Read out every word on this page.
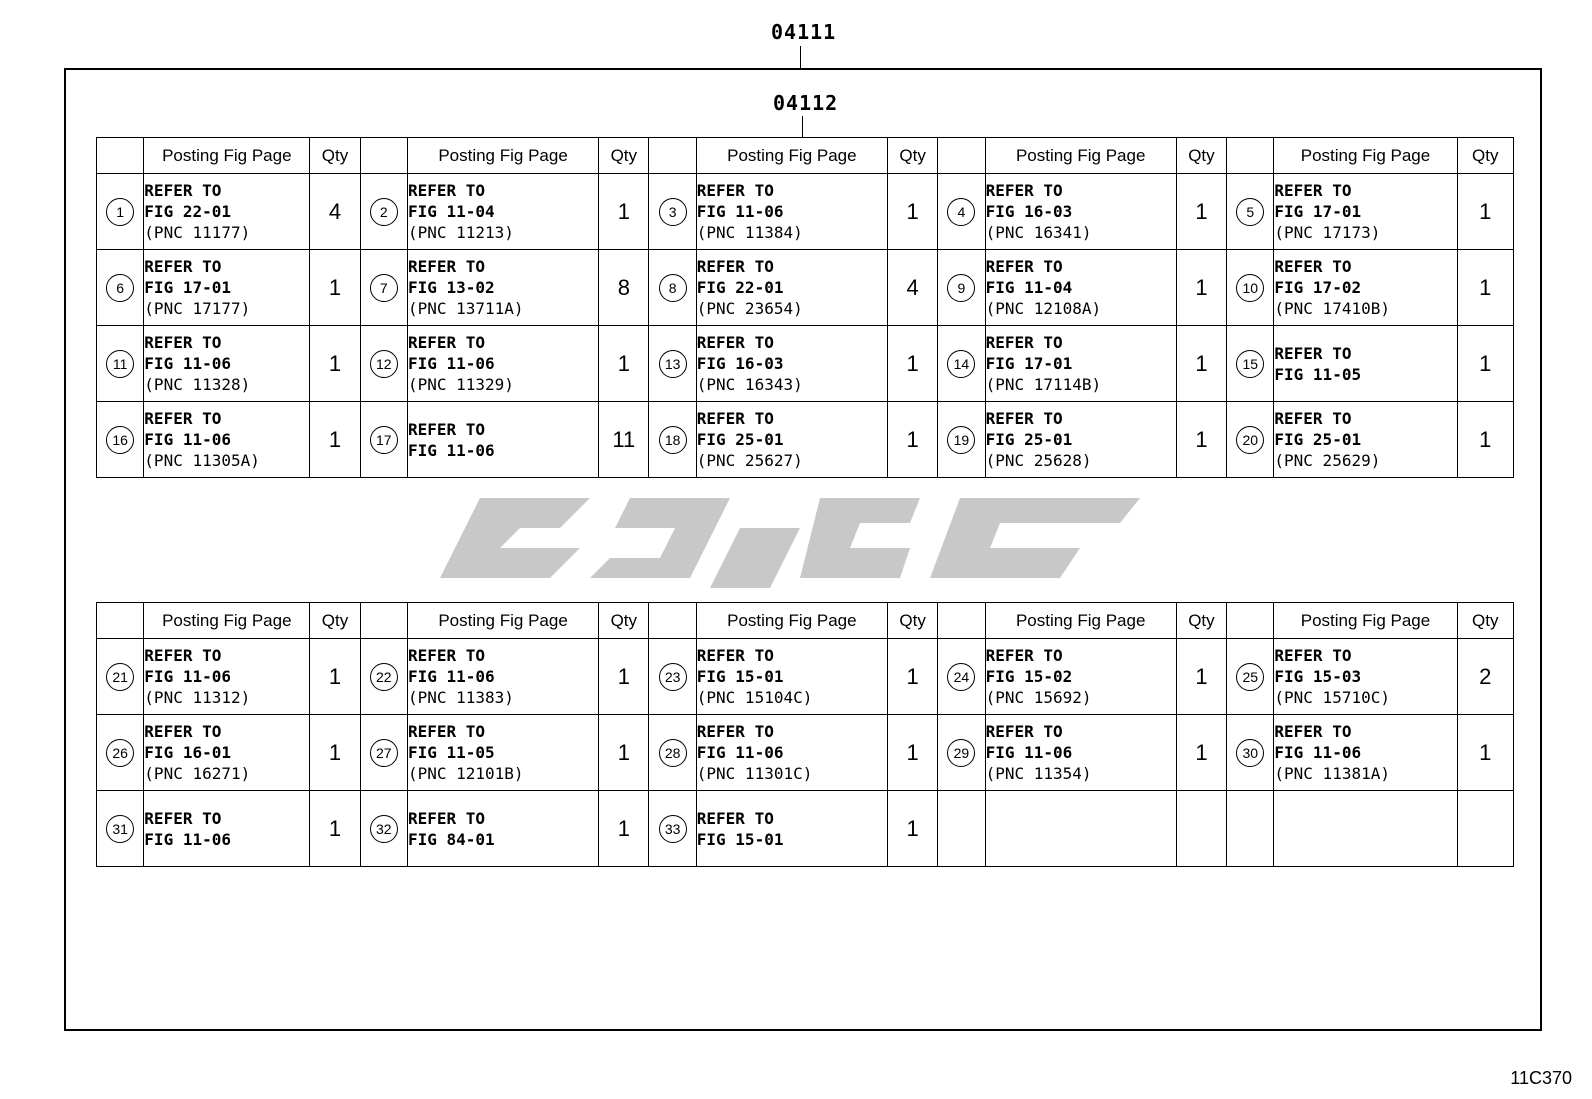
04111
04112
	Posting Fig Page	Qty		Posting Fig Page	Qty		Posting Fig Page	Qty		Posting Fig Page	Qty		Posting Fig Page	Qty
1	REFER TO
FIG 22-01
(PNC 11177)	4	2	REFER TO
FIG 11-04
(PNC 11213)	1	3	REFER TO
FIG 11-06
(PNC 11384)	1	4	REFER TO
FIG 16-03
(PNC 16341)	1	5	REFER TO
FIG 17-01
(PNC 17173)	1
6	REFER TO
FIG 17-01
(PNC 17177)	1	7	REFER TO
FIG 13-02
(PNC 13711A)	8	8	REFER TO
FIG 22-01
(PNC 23654)	4	9	REFER TO
FIG 11-04
(PNC 12108A)	1	10	REFER TO
FIG 17-02
(PNC 17410B)	1
11	REFER TO
FIG 11-06
(PNC 11328)	1	12	REFER TO
FIG 11-06
(PNC 11329)	1	13	REFER TO
FIG 16-03
(PNC 16343)	1	14	REFER TO
FIG 17-01
(PNC 17114B)	1	15	REFER TO
FIG 11-05	1
16	REFER TO
FIG 11-06
(PNC 11305A)	1	17	REFER TO
FIG 11-06	11	18	REFER TO
FIG 25-01
(PNC 25627)	1	19	REFER TO
FIG 25-01
(PNC 25628)	1	20	REFER TO
FIG 25-01
(PNC 25629)	1
	Posting Fig Page	Qty		Posting Fig Page	Qty		Posting Fig Page	Qty		Posting Fig Page	Qty		Posting Fig Page	Qty
21	REFER TO
FIG 11-06
(PNC 11312)	1	22	REFER TO
FIG 11-06
(PNC 11383)	1	23	REFER TO
FIG 15-01
(PNC 15104C)	1	24	REFER TO
FIG 15-02
(PNC 15692)	1	25	REFER TO
FIG 15-03
(PNC 15710C)	2
26	REFER TO
FIG 16-01
(PNC 16271)	1	27	REFER TO
FIG 11-05
(PNC 12101B)	1	28	REFER TO
FIG 11-06
(PNC 11301C)	1	29	REFER TO
FIG 11-06
(PNC 11354)	1	30	REFER TO
FIG 11-06
(PNC 11381A)	1
31	REFER TO
FIG 11-06	1	32	REFER TO
FIG 84-01	1	33	REFER TO
FIG 15-01	1		

11C370
